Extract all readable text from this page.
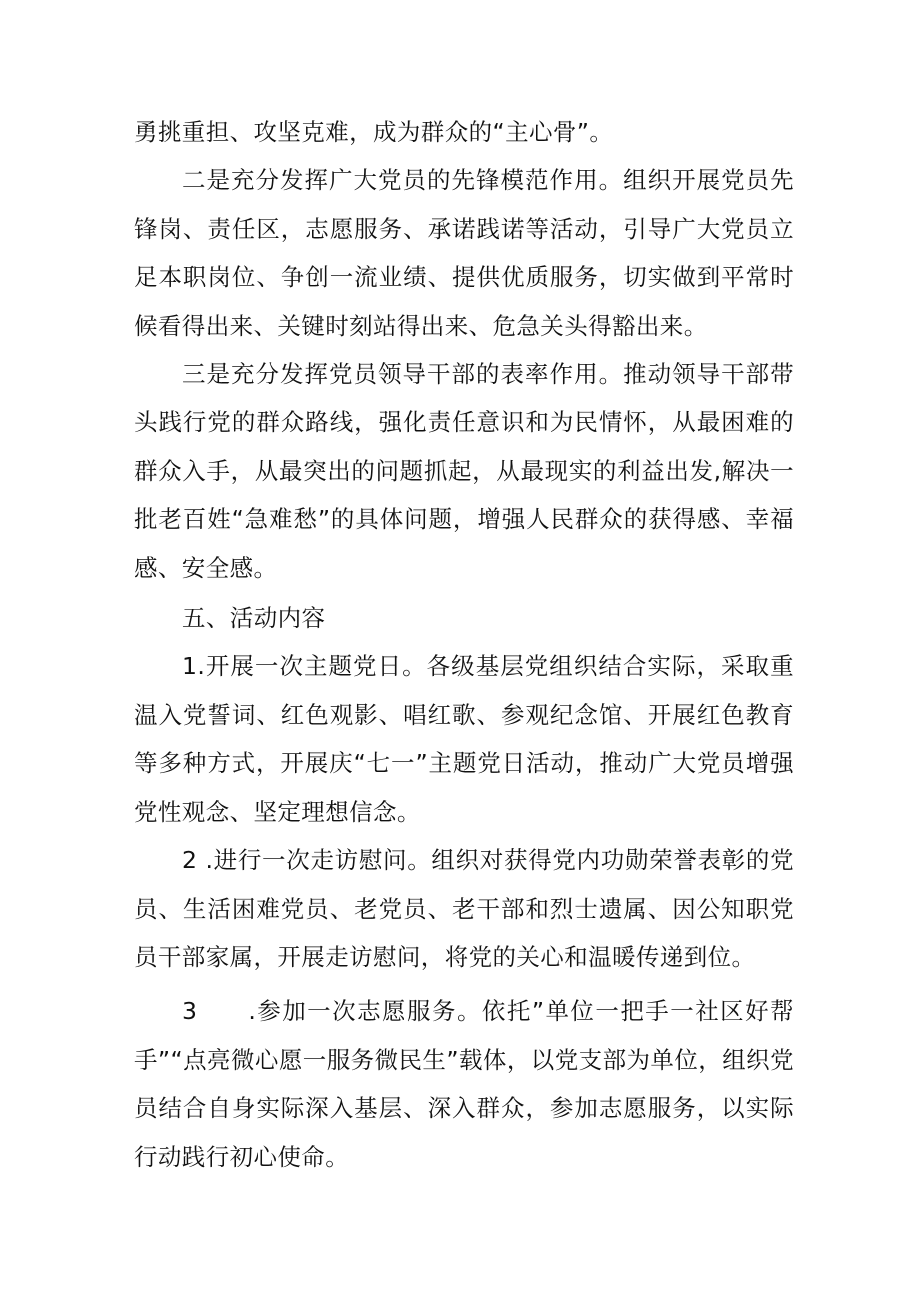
勇挑重担、攻坚克难，成为群众的“主心骨”。

二是充分发挥广大党员的先锋模范作用。组织开展党员先锋岗、责任区，志愿服务、承诺践诺等活动，引导广大党员立足本职岗位、争创一流业绩、提供优质服务，切实做到平常时候看得出来、关键时刻站得出来、危急关头得豁出来。

三是充分发挥党员领导干部的表率作用。推动领导干部带头践行党的群众路线，强化责任意识和为民情怀，从最困难的群众入手，从最突出的问题抓起，从最现实的利益出发,解决一批老百姓“急难愁”的具体问题，增强人民群众的获得感、幸福感、安全感。

五、活动内容

1.开展一次主题党日。各级基层党组织结合实际，采取重温入党誓词、红色观影、唱红歌、参观纪念馆、开展红色教育等多种方式，开展庆“七一”主题党日活动，推动广大党员增强党性观念、坚定理想信念。

2 .进行一次走访慰问。组织对获得党内功勋荣誉表彰的党员、生活困难党员、老党员、老干部和烈士遗属、因公知职党员干部家属，开展走访慰问，将党的关心和温暖传递到位。

3　　.参加一次志愿服务。依托”单位一把手一社区好帮手”“点亮微心愿一服务微民生”载体，以党支部为单位，组织党员结合自身实际深入基层、深入群众，参加志愿服务，以实际行动践行初心使命。
